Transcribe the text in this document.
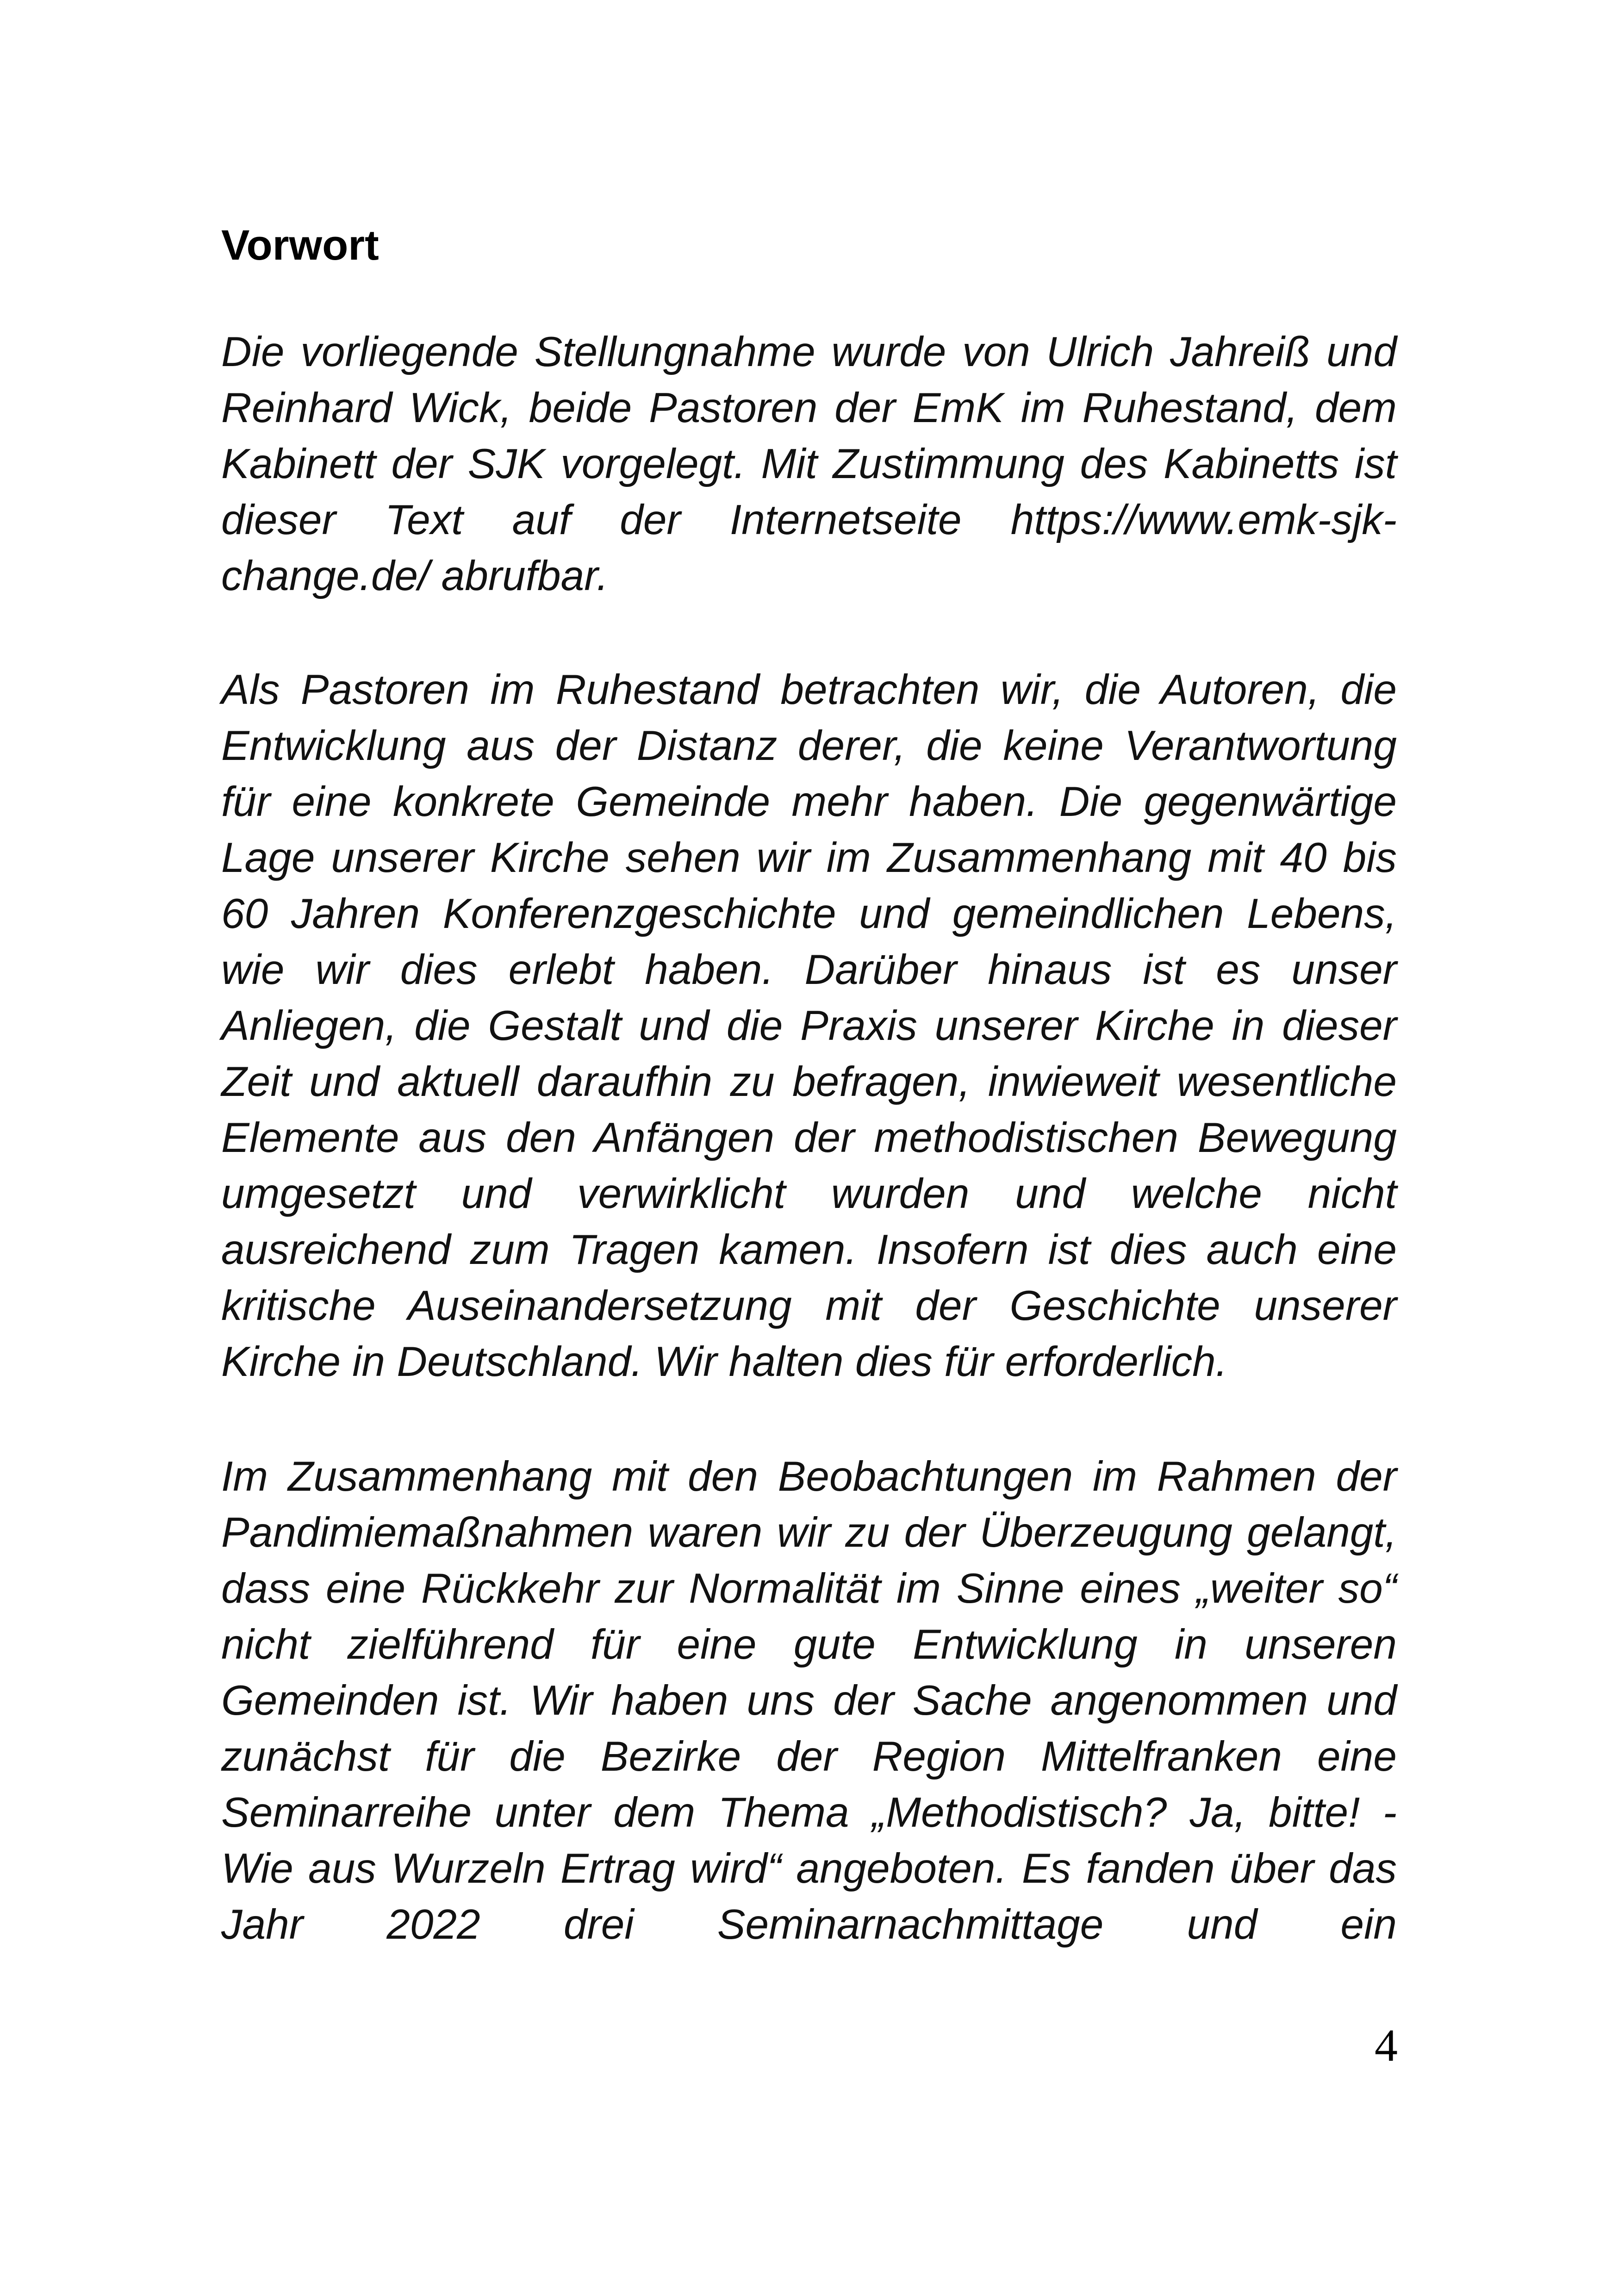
Vorwort

Die vorliegende Stellungnahme wurde von Ulrich Jahreiß und
Reinhard Wick, beide Pastoren der EmK im Ruhestand, dem
Kabinett der SJK vorgelegt. Mit Zustimmung des Kabinetts ist
dieser Text auf der Internetseite https://www.emk-sjk-
change.de/ abrufbar.

Als Pastoren im Ruhestand betrachten wir, die Autoren, die
Entwicklung aus der Distanz derer, die keine Verantwortung
für eine konkrete Gemeinde mehr haben. Die gegenwärtige
Lage unserer Kirche sehen wir im Zusammenhang mit 40 bis
60 Jahren Konferenzgeschichte und gemeindlichen Lebens,
wie wir dies erlebt haben. Darüber hinaus ist es unser
Anliegen, die Gestalt und die Praxis unserer Kirche in dieser
Zeit und aktuell daraufhin zu befragen, inwieweit wesentliche
Elemente aus den Anfängen der methodistischen Bewegung
umgesetzt und verwirklicht wurden und welche nicht
ausreichend zum Tragen kamen. Insofern ist dies auch eine
kritische Auseinandersetzung mit der Geschichte unserer
Kirche in Deutschland. Wir halten dies für erforderlich.

Im Zusammenhang mit den Beobachtungen im Rahmen der
Pandimiemaßnahmen waren wir zu der Überzeugung gelangt,
dass eine Rückkehr zur Normalität im Sinne eines „weiter so“
nicht zielführend für eine gute Entwicklung in unseren
Gemeinden ist. Wir haben uns der Sache angenommen und
zunächst für die Bezirke der Region Mittelfranken eine
Seminarreihe unter dem Thema „Methodistisch? Ja, bitte! -
Wie aus Wurzeln Ertrag wird“ angeboten. Es fanden über das
Jahr 2022 drei Seminarnachmittage und ein

4
